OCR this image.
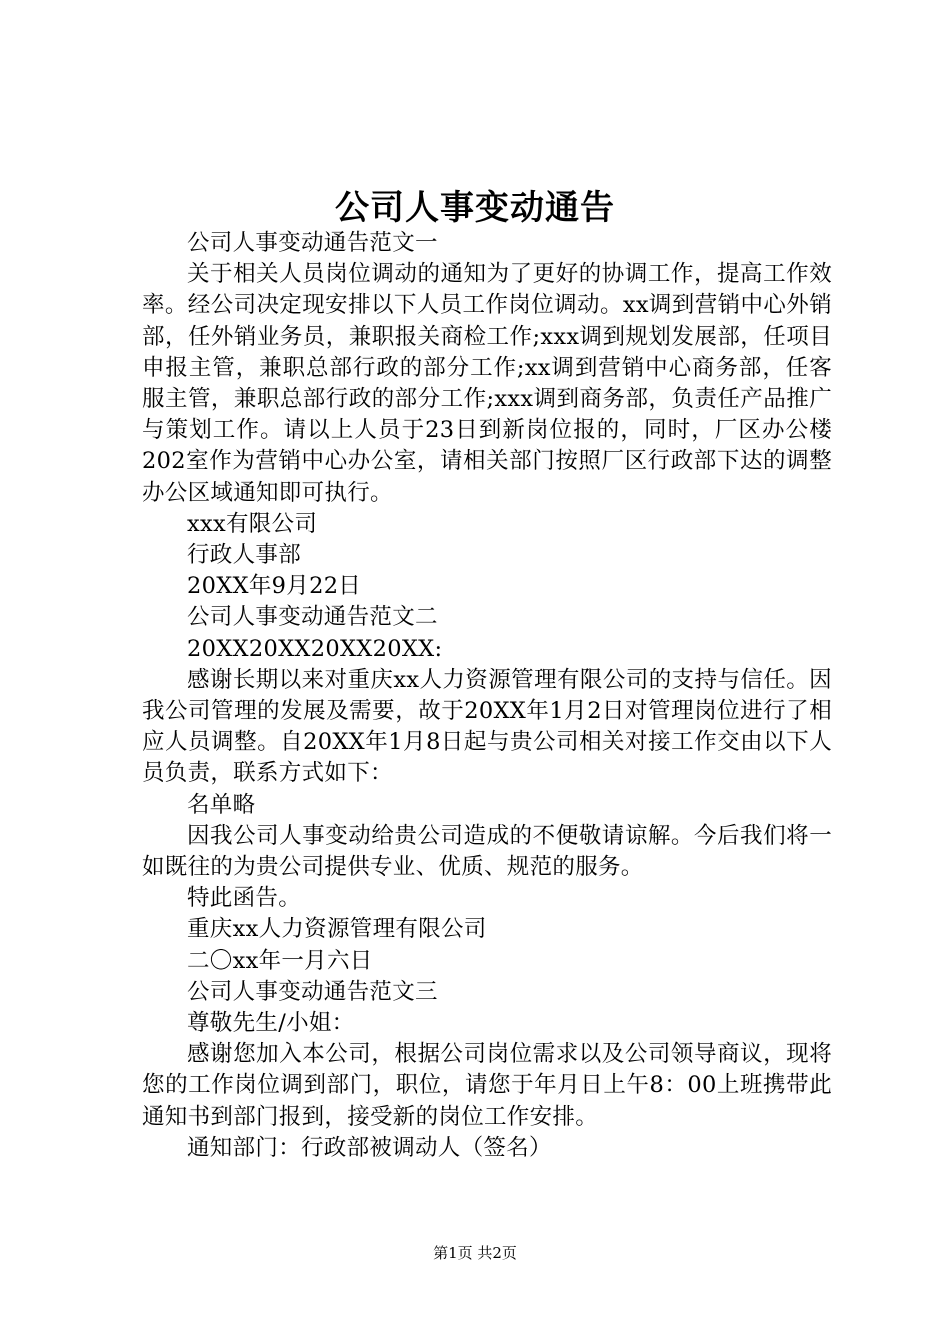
公司人事变动通告

公司人事变动通告范文一

关于相关人员岗位调动的通知为了更好的协调工作，提高工作效率。经公司决定现安排以下人员工作岗位调动。xx调到营销中心外销部，任外销业务员，兼职报关商检工作;xxx调到规划发展部，任项目申报主管，兼职总部行政的部分工作;xx调到营销中心商务部，任客服主管，兼职总部行政的部分工作;xxx调到商务部，负责任产品推广与策划工作。请以上人员于23日到新岗位报的，同时，厂区办公楼202室作为营销中心办公室，请相关部门按照厂区行政部下达的调整办公区域通知即可执行。

xxx有限公司

行政人事部

20XX年9月22日

公司人事变动通告范文二

20XX20XX20XX20XX:

感谢长期以来对重庆xx人力资源管理有限公司的支持与信任。因我公司管理的发展及需要，故于20XX年1月2日对管理岗位进行了相应人员调整。自20XX年1月8日起与贵公司相关对接工作交由以下人员负责，联系方式如下：

名单略

因我公司人事变动给贵公司造成的不便敬请谅解。今后我们将一如既往的为贵公司提供专业、优质、规范的服务。

特此函告。

重庆xx人力资源管理有限公司

二〇xx年一月六日

公司人事变动通告范文三

尊敬先生/小姐：

感谢您加入本公司，根据公司岗位需求以及公司领导商议，现将您的工作岗位调到部门，职位，请您于年月日上午8：00上班携带此通知书到部门报到，接受新的岗位工作安排。

通知部门：行政部被调动人（签名）

第1页 共2页
